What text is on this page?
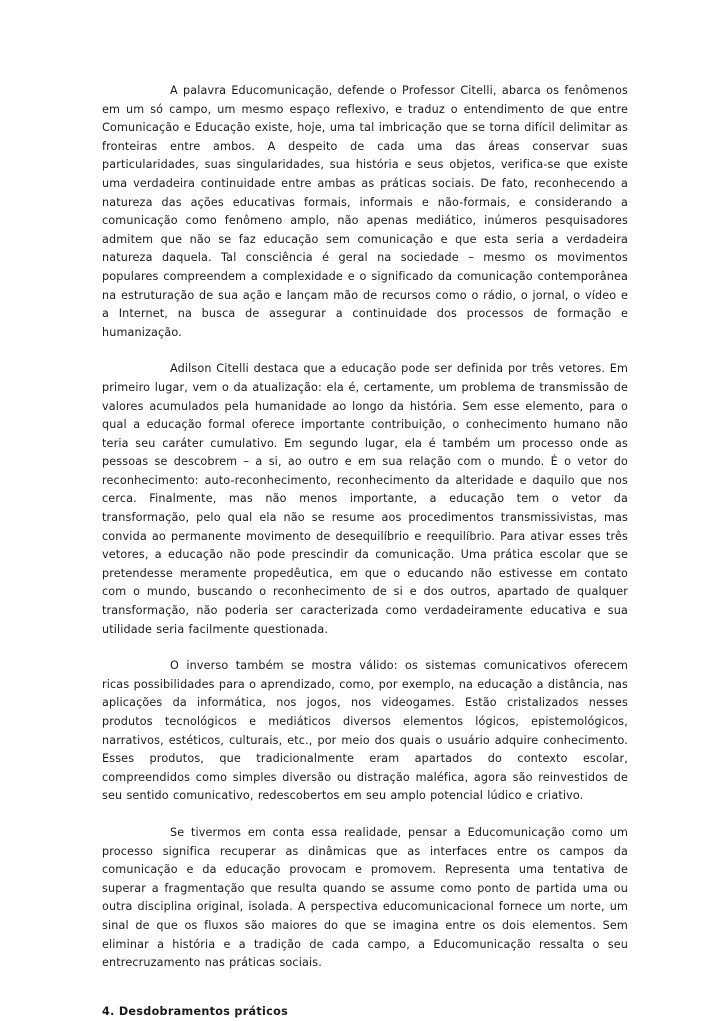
A palavra Educomunicação, defende o Professor Citelli, abarca os fenômenos em um só campo, um mesmo espaço reflexivo, e traduz o entendimento de que entre Comunicação e Educação existe, hoje, uma tal imbricação que se torna difícil delimitar as fronteiras entre ambos. A despeito de cada uma das áreas conservar suas particularidades, suas singularidades, sua história e seus objetos, verifica-se que existe uma verdadeira continuidade entre ambas as práticas sociais. De fato, reconhecendo a natureza das ações educativas formais, informais e não-formais, e considerando a comunicação como fenômeno amplo, não apenas mediático, inúmeros pesquisadores admitem que não se faz educação sem comunicação e que esta seria a verdadeira natureza daquela. Tal consciência é geral na sociedade – mesmo os movimentos populares compreendem a complexidade e o significado da comunicação contemporânea na estruturação de sua ação e lançam mão de recursos como o rádio, o jornal, o vídeo e a Internet, na busca de assegurar a continuidade dos processos de formação e humanização.

Adilson Citelli destaca que a educação pode ser definida por três vetores. Em primeiro lugar, vem o da atualização: ela é, certamente, um problema de transmissão de valores acumulados pela humanidade ao longo da história. Sem esse elemento, para o qual a educação formal oferece importante contribuição, o conhecimento humano não teria seu caráter cumulativo. Em segundo lugar, ela é também um processo onde as pessoas se descobrem – a si, ao outro e em sua relação com o mundo. É o vetor do reconhecimento: auto-reconhecimento, reconhecimento da alteridade e daquilo que nos cerca. Finalmente, mas não menos importante, a educação tem o vetor da transformação, pelo qual ela não se resume aos procedimentos transmissivistas, mas convida ao permanente movimento de desequilíbrio e reequilíbrio. Para ativar esses três vetores, a educação não pode prescindir da comunicação. Uma prática escolar que se pretendesse meramente propedêutica, em que o educando não estivesse em contato com o mundo, buscando o reconhecimento de si e dos outros, apartado de qualquer transformação, não poderia ser caracterizada como verdadeiramente educativa e sua utilidade seria facilmente questionada.

O inverso também se mostra válido: os sistemas comunicativos oferecem ricas possibilidades para o aprendizado, como, por exemplo, na educação a distância, nas aplicações da informática, nos jogos, nos videogames. Estão cristalizados nesses produtos tecnológicos e mediáticos diversos elementos lógicos, epistemológicos, narrativos, estéticos, culturais, etc., por meio dos quais o usuário adquire conhecimento. Esses produtos, que tradicionalmente eram apartados do contexto escolar, compreendidos como simples diversão ou distração maléfica, agora são reinvestidos de seu sentido comunicativo, redescobertos em seu amplo potencial lúdico e criativo.

Se tivermos em conta essa realidade, pensar a Educomunicação como um processo significa recuperar as dinâmicas que as interfaces entre os campos da comunicação e da educação provocam e promovem. Representa uma tentativa de superar a fragmentação que resulta quando se assume como ponto de partida uma ou outra disciplina original, isolada. A perspectiva educomunicacional fornece um norte, um sinal de que os fluxos são maiores do que se imagina entre os dois elementos. Sem eliminar a história e a tradição de cada campo, a Educomunicação ressalta o seu entrecruzamento nas práticas sociais.

4. Desdobramentos práticos
